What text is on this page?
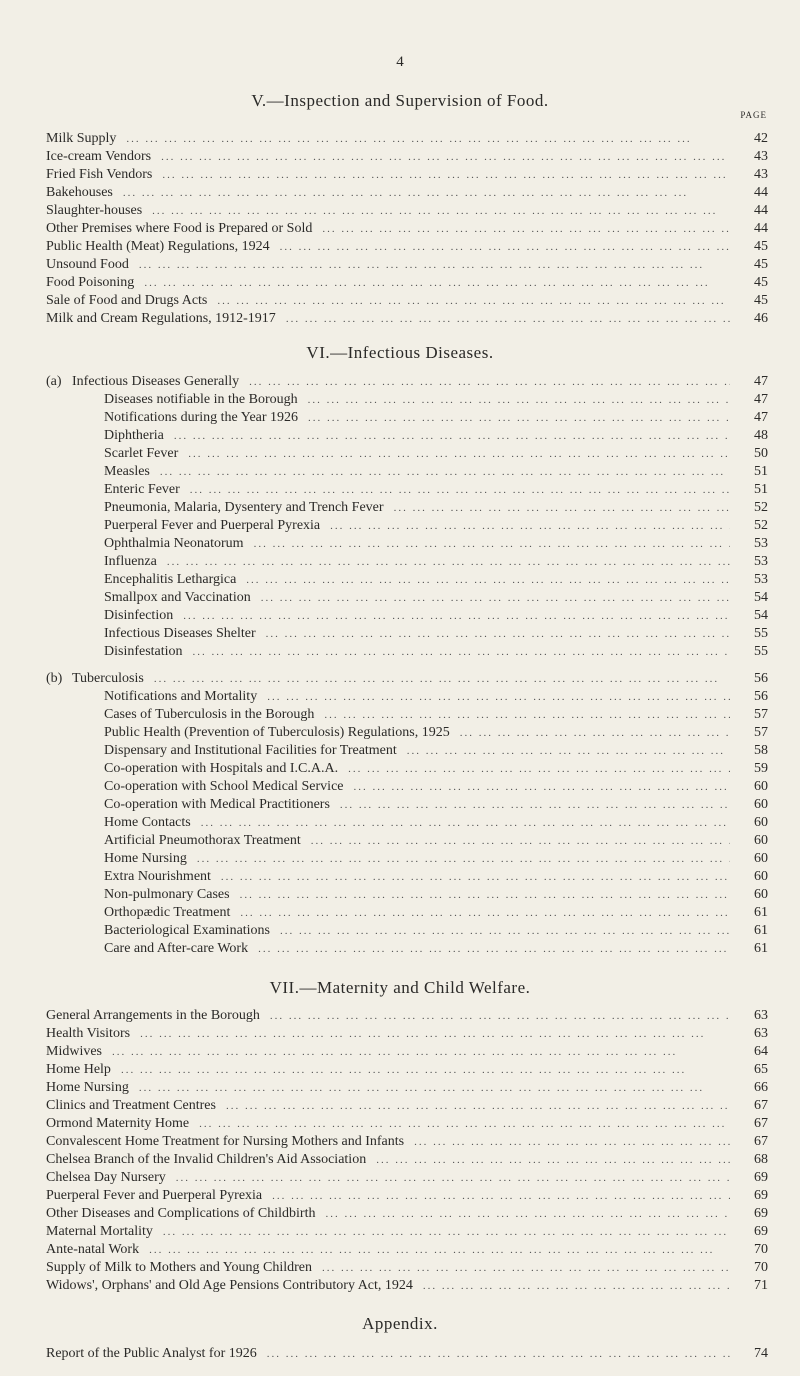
4
PAGE
V.—Inspection and Supervision of Food.
Milk Supply ... .	42
Ice-cream Vendors ... .	43
Fried Fish Vendors ... .	43
Bakehouses ... .	44
Slaughter-houses ... .	44
Other Premises where Food is Prepared or Sold ... .	44
Public Health (Meat) Regulations, 1924 ... .	45
Unsound Food ... .	45
Food Poisoning ... .	45
Sale of Food and Drugs Acts ... .	45
Milk and Cream Regulations, 1912-1917 ... .	46
VI.—Infectious Diseases.
(a) Infectious Diseases Generally ... .	47
Diseases notifiable in the Borough ... .	47
Notifications during the Year 1926 ... .	47
Diphtheria ... .	48
Scarlet Fever ... .	50
Measles ... .	51
Enteric Fever ... .	51
Pneumonia, Malaria, Dysentery and Trench Fever ... .	52
Puerperal Fever and Puerperal Pyrexia ... .	52
Ophthalmia Neonatorum ... .	53
Influenza ... .	53
Encephalitis Lethargica ... .	53
Smallpox and Vaccination ... .	54
Disinfection ... .	54
Infectious Diseases Shelter ... .	55
Disinfestation ... .	55
(b) Tuberculosis ... .	56
Notifications and Mortality ... .	56
Cases of Tuberculosis in the Borough ... .	57
Public Health (Prevention of Tuberculosis) Regulations, 1925 ... .	57
Dispensary and Institutional Facilities for Treatment ... .	58
Co-operation with Hospitals and I.C.A.A. ... .	59
Co-operation with School Medical Service ... .	60
Co-operation with Medical Practitioners ... .	60
Home Contacts ... .	60
Artificial Pneumothorax Treatment ... .	60
Home Nursing ... .	60
Extra Nourishment ... .	60
Non-pulmonary Cases ... .	60
Orthopædic Treatment ... .	61
Bacteriological Examinations ... .	61
Care and After-care Work ... .	61
VII.—Maternity and Child Welfare.
General Arrangements in the Borough ... .	63
Health Visitors ... .	63
Midwives ... .	64
Home Help ... .	65
Home Nursing ... .	66
Clinics and Treatment Centres ... .	67
Ormond Maternity Home ... .	67
Convalescent Home Treatment for Nursing Mothers and Infants ... .	67
Chelsea Branch of the Invalid Children's Aid Association ... .	68
Chelsea Day Nursery ... .	69
Puerperal Fever and Puerperal Pyrexia ... .	69
Other Diseases and Complications of Childbirth ... .	69
Maternal Mortality ... .	69
Ante-natal Work ... .	70
Supply of Milk to Mothers and Young Children ... .	70
Widows', Orphans' and Old Age Pensions Contributory Act, 1924 ... .	71
Appendix.
Report of the Public Analyst for 1926 ... .	74
